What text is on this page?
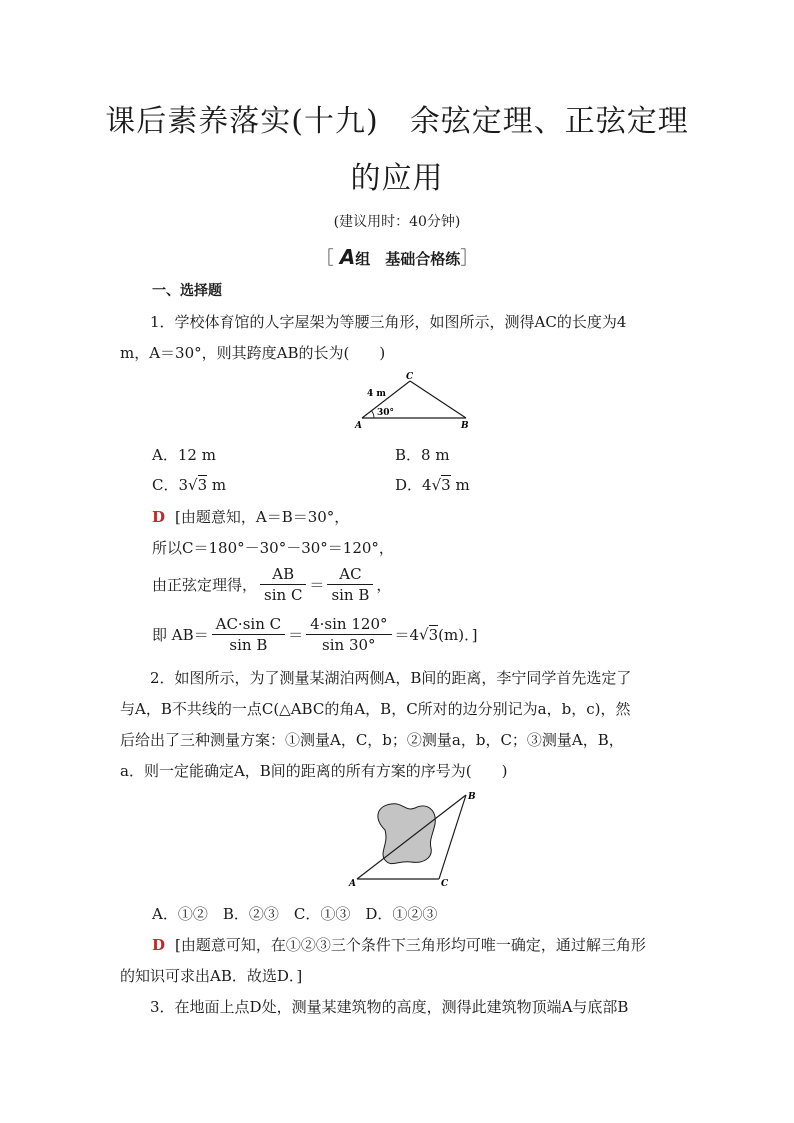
课后素养落实(十九)　余弦定理、正弦定理
的应用
(建议用时：40分钟)
［ A组　基础合格练］
一、选择题
1．学校体育馆的人字屋架为等腰三角形，如图所示，测得AC的长度为4
m，A＝30°，则其跨度AB的长为(　　)
4 m
30°
A	B
C
A．12 m	B．8 m
C．3√3 m	D．4√3 m
D [由题意知，A＝B＝30°，
所以C＝180°－30°－30°＝120°，
由正弦定理得， $\frac{AB}{\text{sin C}} = \frac{AC}{\text{sin B}}$ ，
即 $AB= \frac{\text{AC·sin C}}{\text{sin B}} = \frac{4\cdot\sin 120^\circ}{\sin 30^\circ} =4√3(m)$．]
2．如图所示，为了测量某湖泊两侧A，B间的距离，李宁同学首先选定了
与A，B不共线的一点C(△ABC的角A，B，C所对的边分别记为a，b，c)，然
后给出了三种测量方案：①测量A，C，b；②测量a，b，C；③测量A，B，
a．则一定能确定A，B间的距离的所有方案的序号为(　　)
A	C
B
A．①②　B．②③　C．①③　D．①②③
D [由题意可知，在①②③三个条件下三角形均可唯一确定，通过解三角形
的知识可求出AB．故选D．]
3．在地面上点D处，测量某建筑物的高度，测得此建筑物顶端A与底部B
